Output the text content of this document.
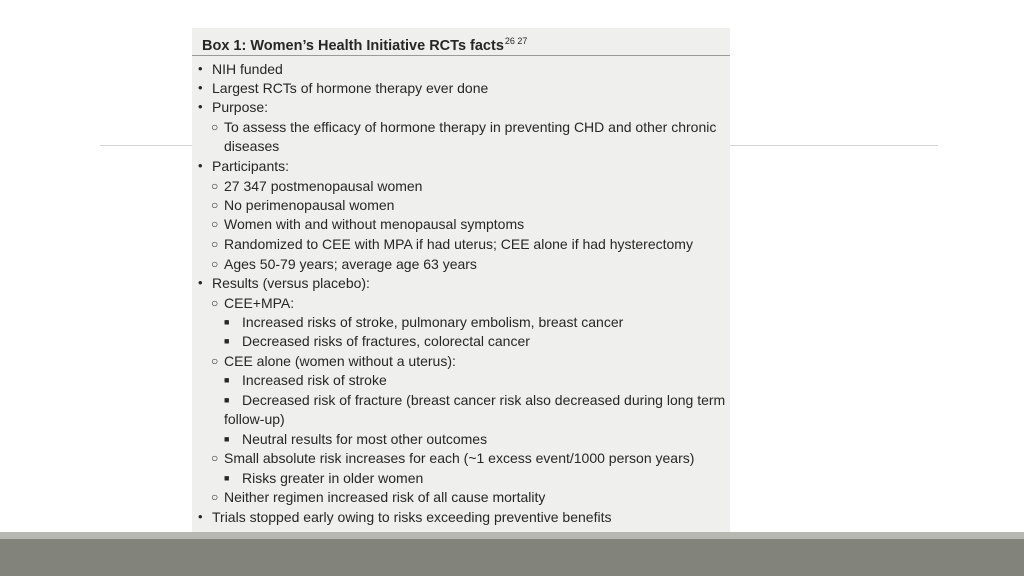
Box 1: Women’s Health Initiative RCTs facts$^{26 27}$
• NIH funded
• Largest RCTs of hormone therapy ever done
• Purpose:
○ To assess the efficacy of hormone therapy in preventing CHD and other chronic
diseases
• Participants:
○ 27 347 postmenopausal women
○ No perimenopausal women
○ Women with and without menopausal symptoms
○ Randomized to CEE with MPA if had uterus; CEE alone if had hysterectomy
○ Ages 50-79 years; average age 63 years
• Results (versus placebo):
○ CEE+MPA:
■ Increased risks of stroke, pulmonary embolism, breast cancer
■ Decreased risks of fractures, colorectal cancer
○ CEE alone (women without a uterus):
■ Increased risk of stroke
■ Decreased risk of fracture (breast cancer risk also decreased during long term
follow-up)
■ Neutral results for most other outcomes
○ Small absolute risk increases for each (~1 excess event/1000 person years)
■ Risks greater in older women
○ Neither regimen increased risk of all cause mortality
• Trials stopped early owing to risks exceeding preventive benefits
